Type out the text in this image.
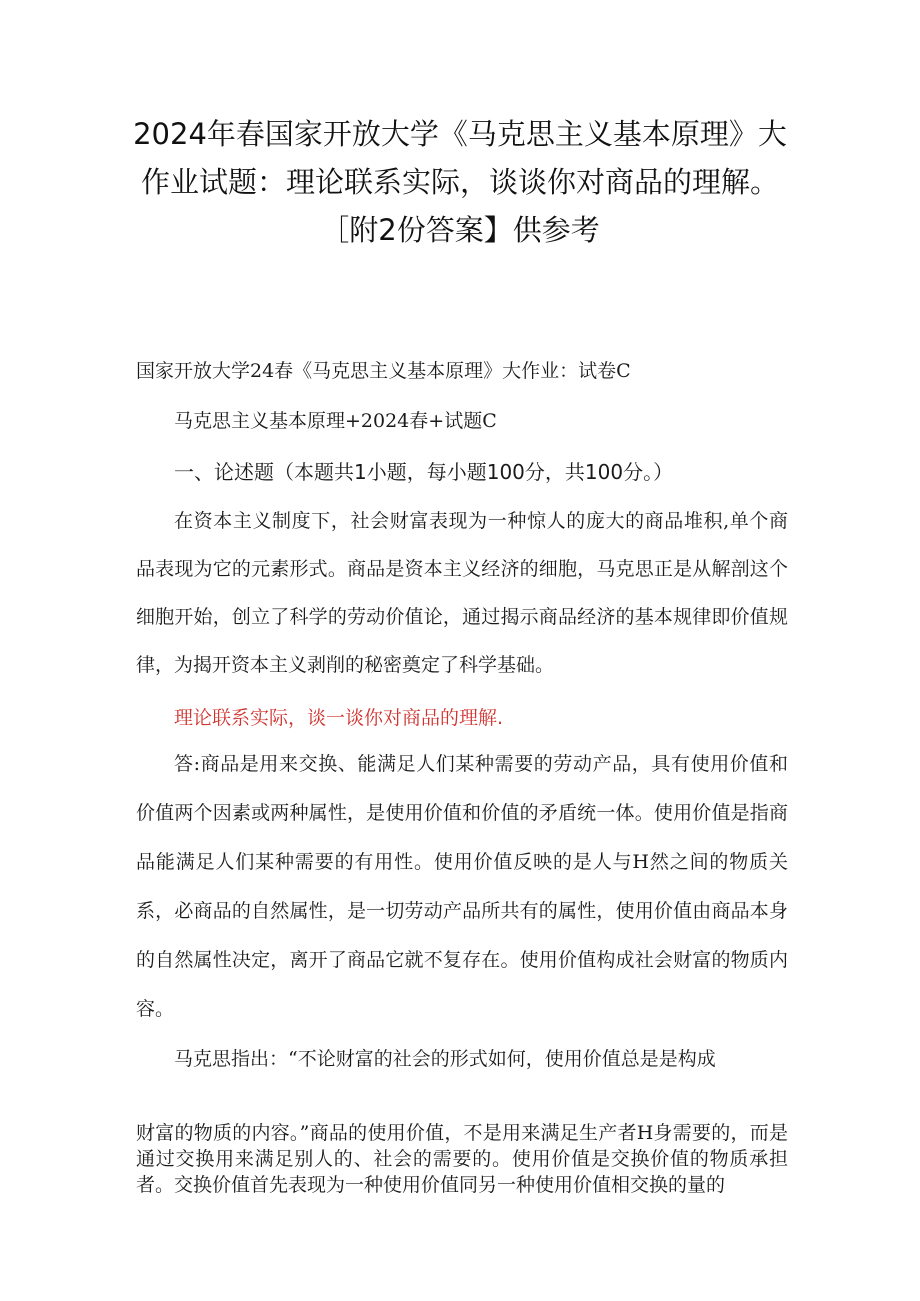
2024年春国家开放大学《马克思主义基本原理》大作业试题：理论联系实际，谈谈你对商品的理解。［附2份答案】供参考

国家开放大学24春《马克思主义基本原理》大作业：试卷C

马克思主义基本原理+2024春+试题C

一、论述题（本题共1小题，每小题100分，共100分。）

在资本主义制度下，社会财富表现为一种惊人的庞大的商品堆积,单个商品表现为它的元素形式。商品是资本主义经济的细胞，马克思正是从解剖这个细胞开始，创立了科学的劳动价值论，通过揭示商品经济的基本规律即价值规律，为揭开资本主义剥削的秘密奠定了科学基础。

理论联系实际，谈一谈你对商品的理解.

答:商品是用来交换、能满足人们某种需要的劳动产品，具有使用价值和价值两个因素或两种属性，是使用价值和价值的矛盾统一体。使用价值是指商品能满足人们某种需要的有用性。使用价值反映的是人与H然之间的物质关系，必商品的自然属性，是一切劳动产品所共有的属性，使用价值由商品本身的自然属性决定，离开了商品它就不复存在。使用价值构成社会财富的物质内容。

马克思指出：“不论财富的社会的形式如何，使用价值总是是构成

财富的物质的内容。”商品的使用价值，不是用来满足生产者H身需要的，而是通过交换用来满足别人的、社会的需要的。使用价值是交换价值的物质承担者。交换价值首先表现为一种使用价值同另一种使用价值相交换的量的
